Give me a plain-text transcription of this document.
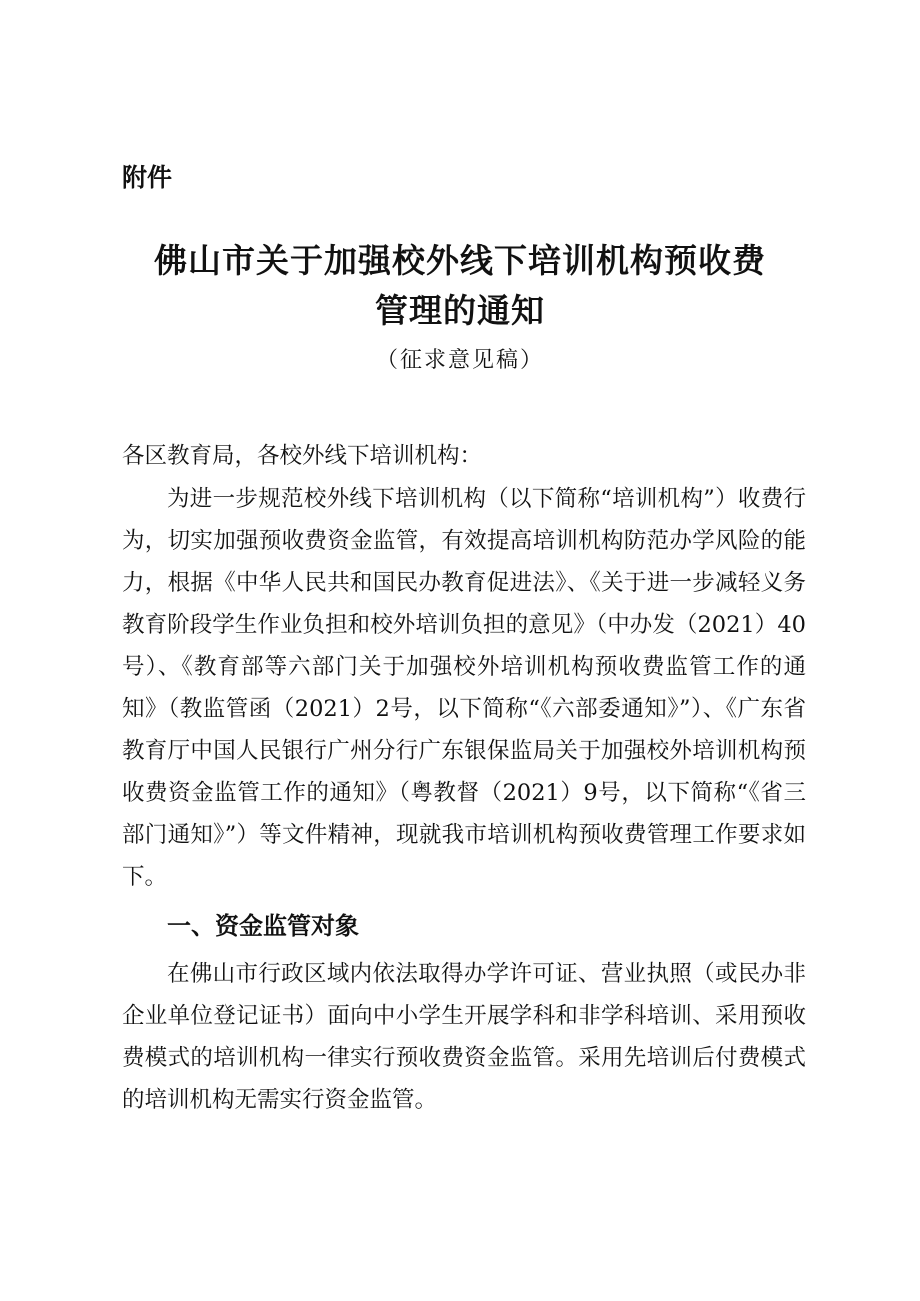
附件
佛山市关于加强校外线下培训机构预收费
管理的通知
（征求意见稿）
各区教育局，各校外线下培训机构：
为进一步规范校外线下培训机构（以下简称“培训机构”）收费行为，切实加强预收费资金监管，有效提高培训机构防范办学风险的能力，根据《中华人民共和国民办教育促进法》、《关于进一步减轻义务教育阶段学生作业负担和校外培训负担的意见》（中办发（2021）40号）、《教育部等六部门关于加强校外培训机构预收费监管工作的通知》（教监管函（2021）2号，以下简称“《六部委通知》”）、《广东省教育厅中国人民银行广州分行广东银保监局关于加强校外培训机构预收费资金监管工作的通知》（粤教督（2021）9号，以下简称“《省三部门通知》”）等文件精神，现就我市培训机构预收费管理工作要求如下。
一、资金监管对象
在佛山市行政区域内依法取得办学许可证、营业执照（或民办非企业单位登记证书）面向中小学生开展学科和非学科培训、采用预收费模式的培训机构一律实行预收费资金监管。采用先培训后付费模式的培训机构无需实行资金监管。
